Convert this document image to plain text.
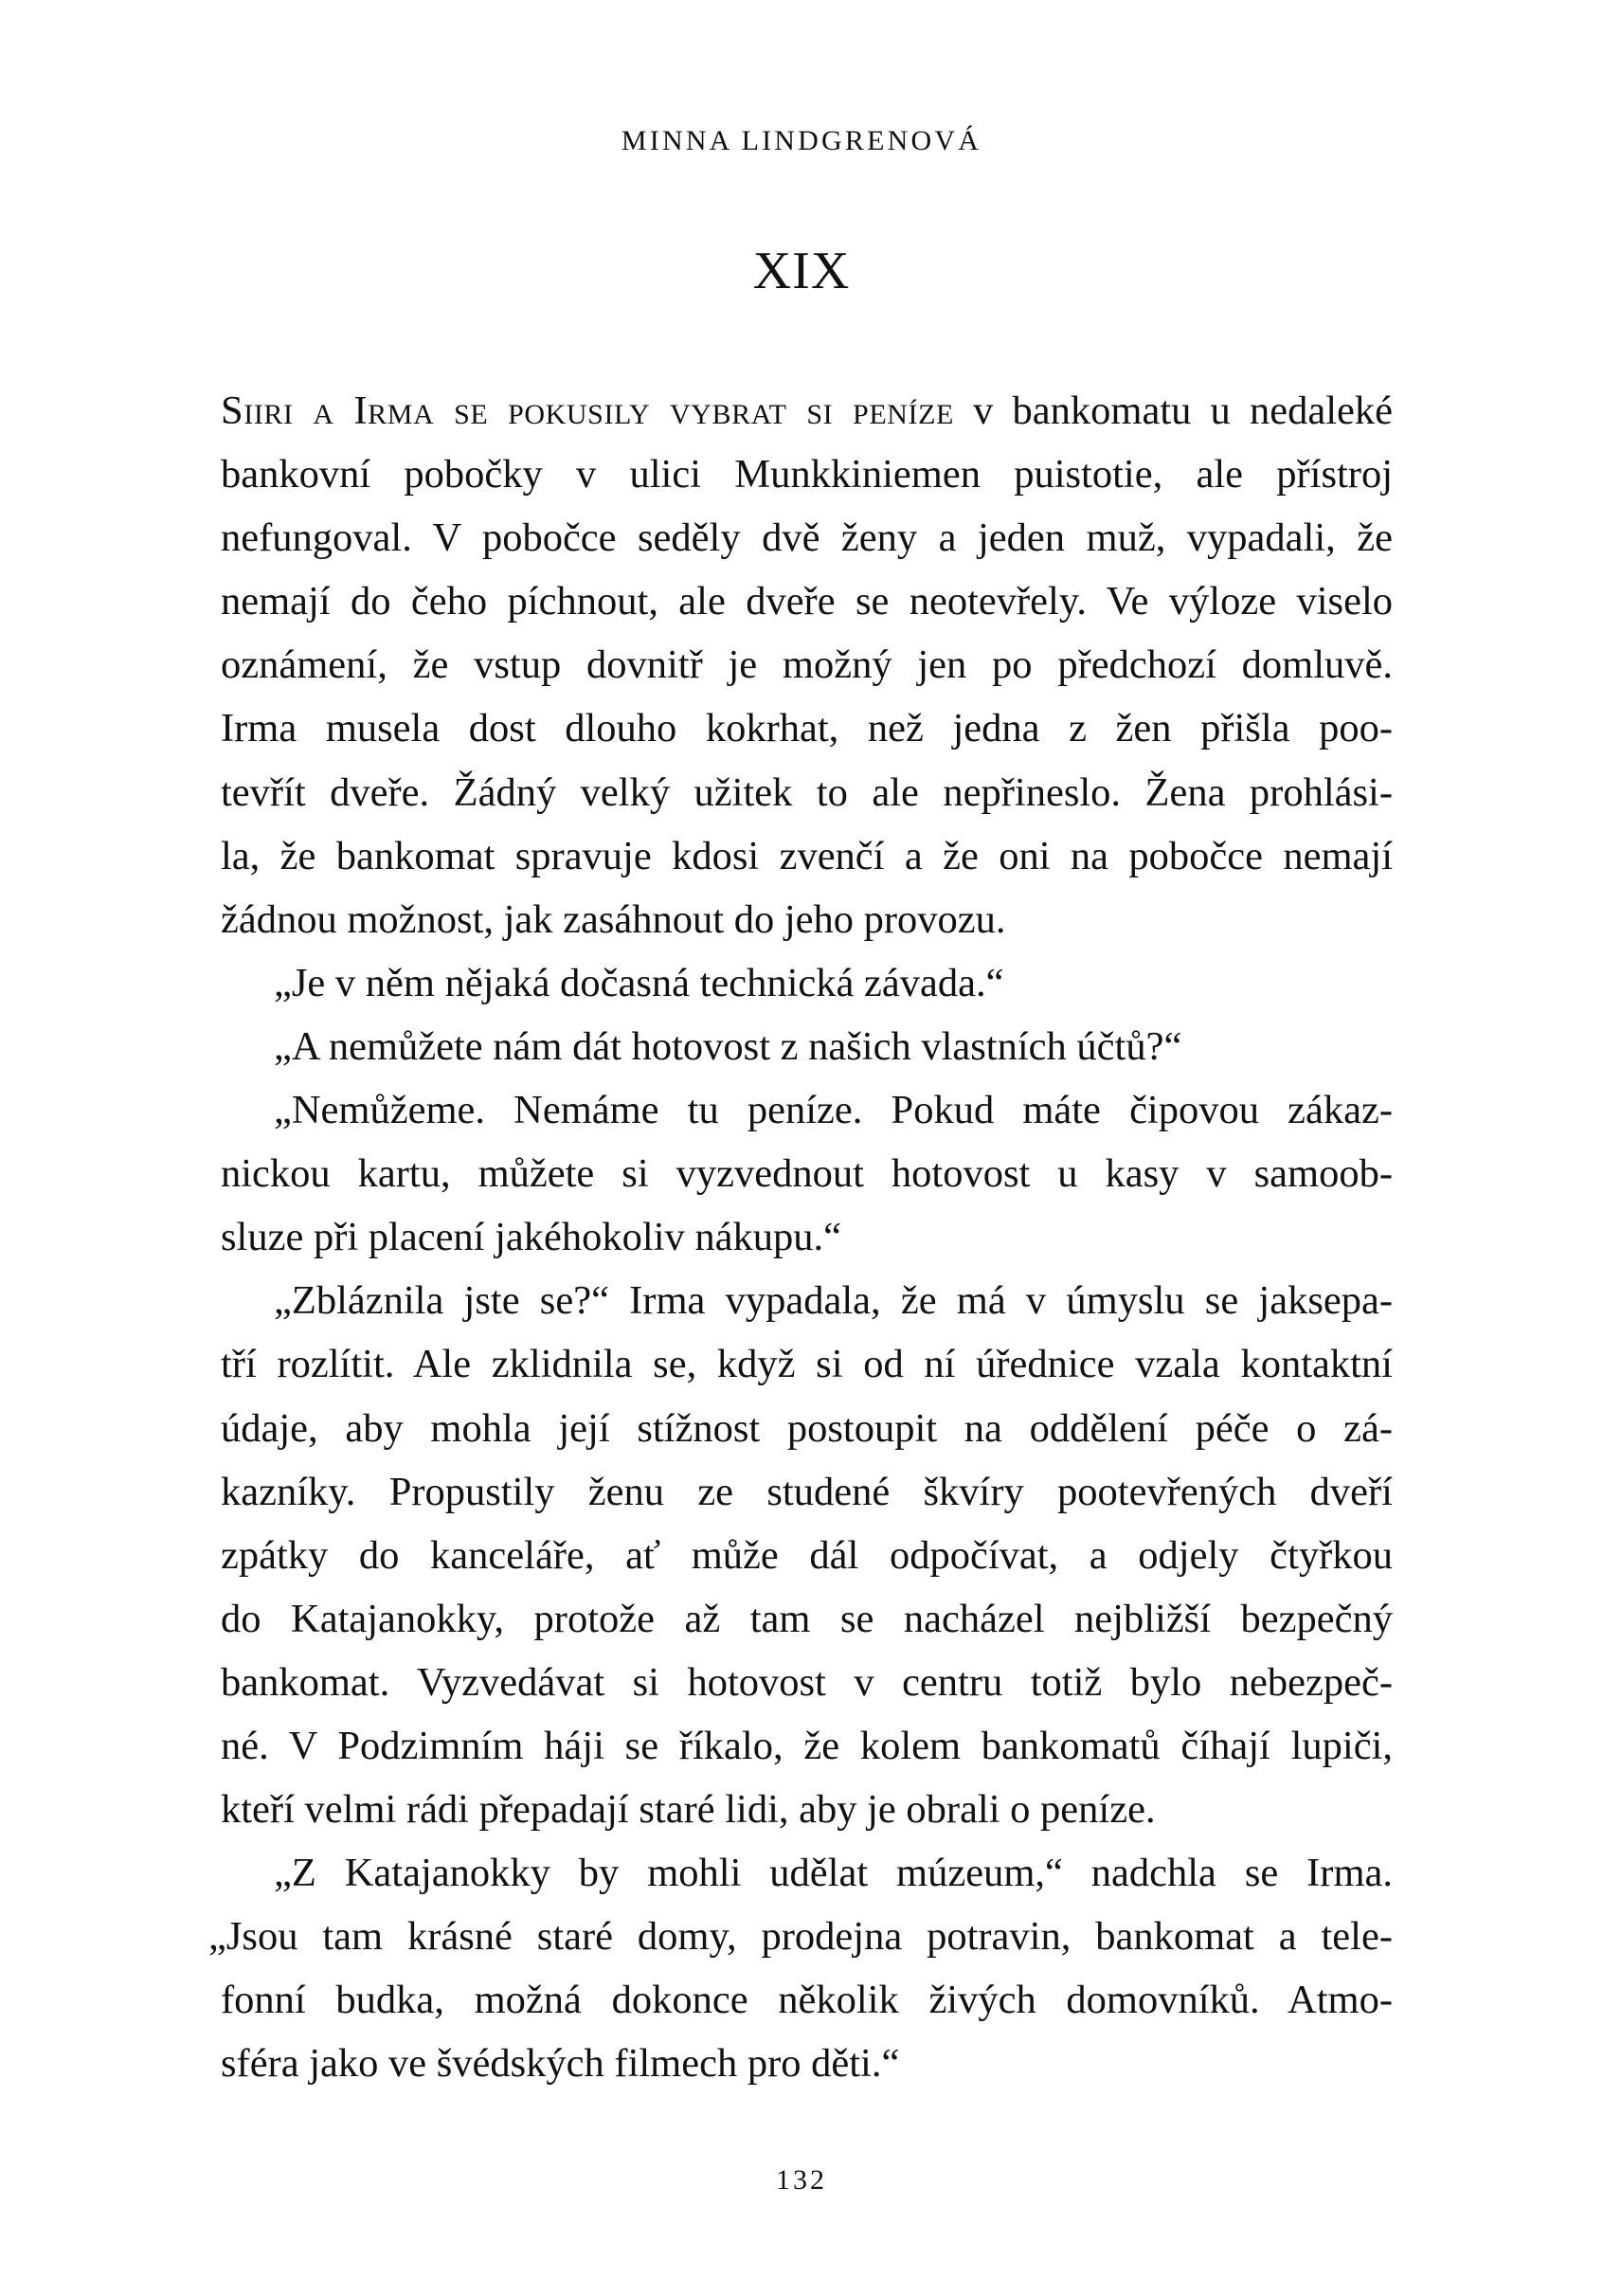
MINNA LINDGRENOVÁ
XIX
Siiri a Irma se pokusily vybrat si peníze v bankomatu u nedaleké
bankovní pobočky v ulici Munkkiniemen puistotie, ale přístroj
nefungoval. V pobočce seděly dvě ženy a jeden muž, vypadali, že
nemají do čeho píchnout, ale dveře se neotevřely. Ve výloze viselo
oznámení, že vstup dovnitř je možný jen po předchozí domluvě.
Irma musela dost dlouho kokrhat, než jedna z žen přišla poo-
tevřít dveře. Žádný velký užitek to ale nepřineslo. Žena prohlási-
la, že bankomat spravuje kdosi zvenčí a že oni na pobočce nemají
žádnou možnost, jak zasáhnout do jeho provozu.
„Je v něm nějaká dočasná technická závada.“
„A nemůžete nám dát hotovost z našich vlastních účtů?“
„Nemůžeme. Nemáme tu peníze. Pokud máte čipovou zákaz-
nickou kartu, můžete si vyzvednout hotovost u kasy v samoob-
sluze při placení jakéhokoliv nákupu.“
„Zbláznila jste se?“ Irma vypadala, že má v úmyslu se jaksepa-
tří rozlítit. Ale zklidnila se, když si od ní úřednice vzala kontaktní
údaje, aby mohla její stížnost postoupit na oddělení péče o zá-
kazníky. Propustily ženu ze studené škvíry pootevřených dveří
zpátky do kanceláře, ať může dál odpočívat, a odjely čtyřkou
do Katajanokky, protože až tam se nacházel nejbližší bezpečný
bankomat. Vyzvedávat si hotovost v centru totiž bylo nebezpeč-
né. V Podzimním háji se říkalo, že kolem bankomatů číhají lupiči,
kteří velmi rádi přepadají staré lidi, aby je obrali o peníze.
„Z Katajanokky by mohli udělat múzeum,“ nadchla se Irma.
„Jsou tam krásné staré domy, prodejna potravin, bankomat a tele-
fonní budka, možná dokonce několik živých domovníků. Atmo-
sféra jako ve švédských filmech pro děti.“
132
